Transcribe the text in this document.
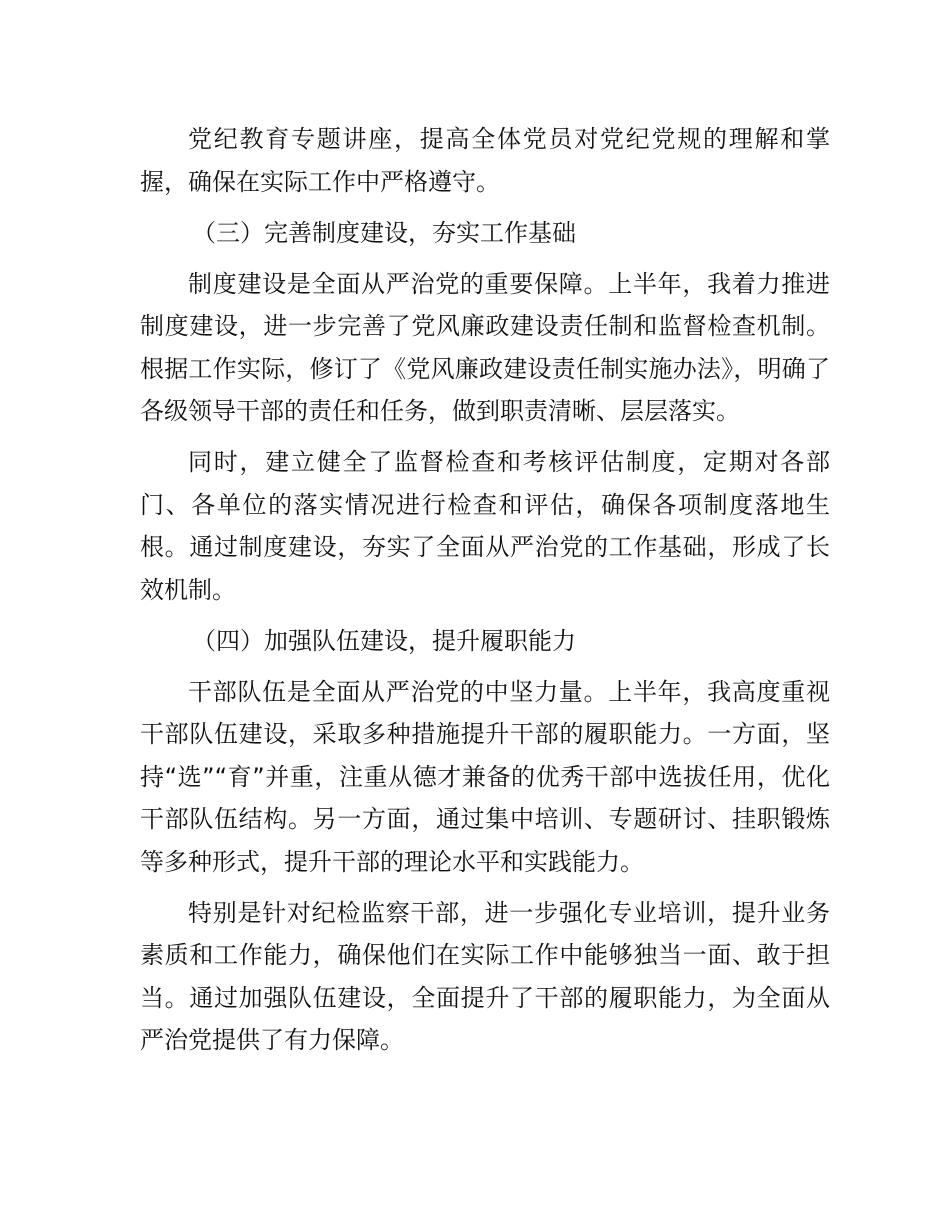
党纪教育专题讲座，提高全体党员对党纪党规的理解和掌握，确保在实际工作中严格遵守。

（三）完善制度建设，夯实工作基础

制度建设是全面从严治党的重要保障。上半年，我着力推进制度建设，进一步完善了党风廉政建设责任制和监督检查机制。根据工作实际，修订了《党风廉政建设责任制实施办法》，明确了各级领导干部的责任和任务，做到职责清晰、层层落实。

同时，建立健全了监督检查和考核评估制度，定期对各部门、各单位的落实情况进行检查和评估，确保各项制度落地生根。通过制度建设，夯实了全面从严治党的工作基础，形成了长效机制。

（四）加强队伍建设，提升履职能力

干部队伍是全面从严治党的中坚力量。上半年，我高度重视干部队伍建设，采取多种措施提升干部的履职能力。一方面，坚持“选”“育”并重，注重从德才兼备的优秀干部中选拔任用，优化干部队伍结构。另一方面，通过集中培训、专题研讨、挂职锻炼等多种形式，提升干部的理论水平和实践能力。

特别是针对纪检监察干部，进一步强化专业培训，提升业务素质和工作能力，确保他们在实际工作中能够独当一面、敢于担当。通过加强队伍建设，全面提升了干部的履职能力，为全面从严治党提供了有力保障。
